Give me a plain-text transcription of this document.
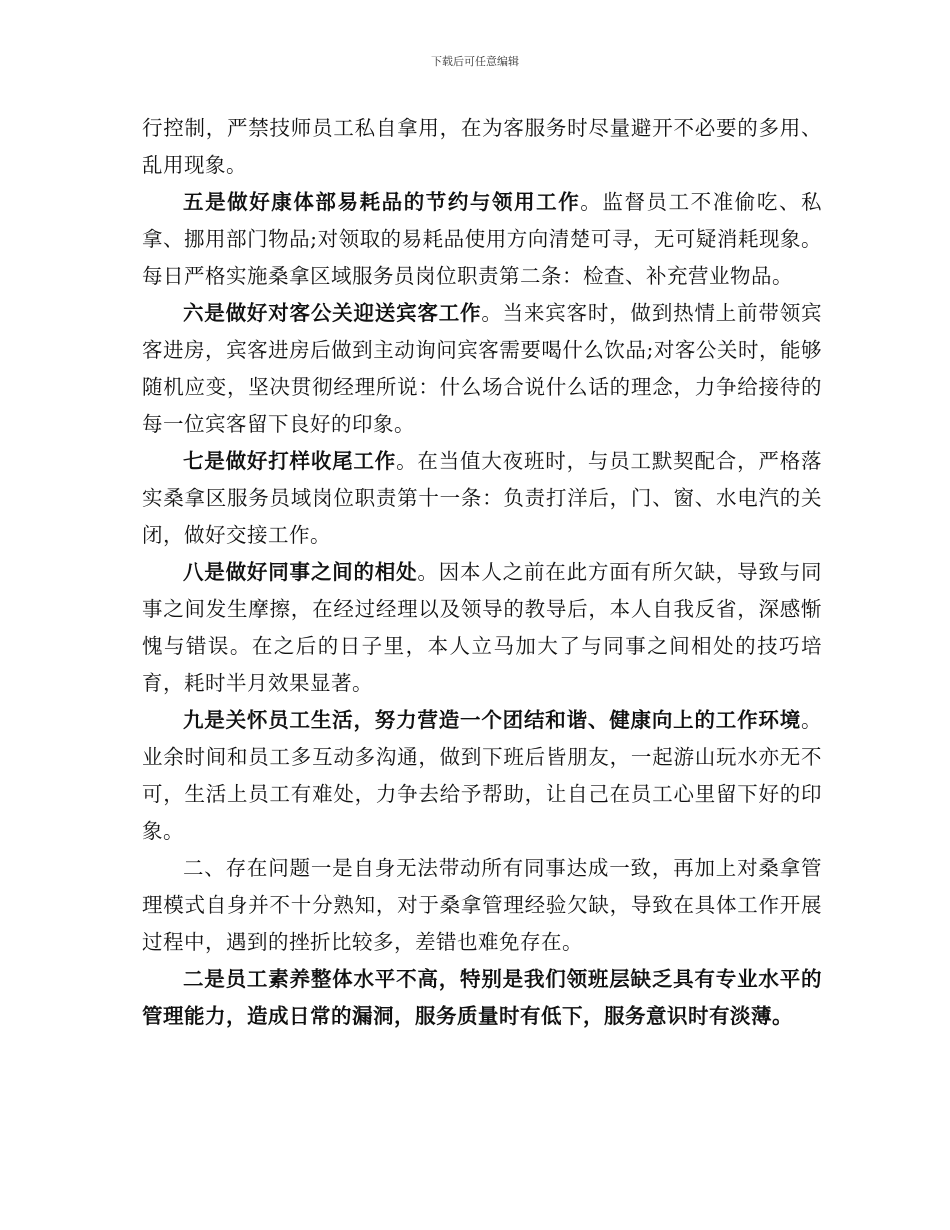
下载后可任意编辑

行控制，严禁技师员工私自拿用，在为客服务时尽量避开不必要的多用、乱用现象。

五是做好康体部易耗品的节约与领用工作。监督员工不准偷吃、私拿、挪用部门物品;对领取的易耗品使用方向清楚可寻，无可疑消耗现象。每日严格实施桑拿区域服务员岗位职责第二条：检查、补充营业物品。

六是做好对客公关迎送宾客工作。当来宾客时，做到热情上前带领宾客进房，宾客进房后做到主动询问宾客需要喝什么饮品;对客公关时，能够随机应变，坚决贯彻经理所说：什么场合说什么话的理念，力争给接待的每一位宾客留下良好的印象。

七是做好打样收尾工作。在当值大夜班时，与员工默契配合，严格落实桑拿区服务员域岗位职责第十一条：负责打洋后，门、窗、水电汽的关闭，做好交接工作。

八是做好同事之间的相处。因本人之前在此方面有所欠缺，导致与同事之间发生摩擦，在经过经理以及领导的教导后，本人自我反省，深感惭愧与错误。在之后的日子里，本人立马加大了与同事之间相处的技巧培育，耗时半月效果显著。

九是关怀员工生活，努力营造一个团结和谐、健康向上的工作环境。业余时间和员工多互动多沟通，做到下班后皆朋友，一起游山玩水亦无不可，生活上员工有难处，力争去给予帮助，让自己在员工心里留下好的印象。

二、存在问题一是自身无法带动所有同事达成一致，再加上对桑拿管理模式自身并不十分熟知，对于桑拿管理经验欠缺，导致在具体工作开展过程中，遇到的挫折比较多，差错也难免存在。

二是员工素养整体水平不高，特别是我们领班层缺乏具有专业水平的管理能力，造成日常的漏洞，服务质量时有低下，服务意识时有淡薄。
